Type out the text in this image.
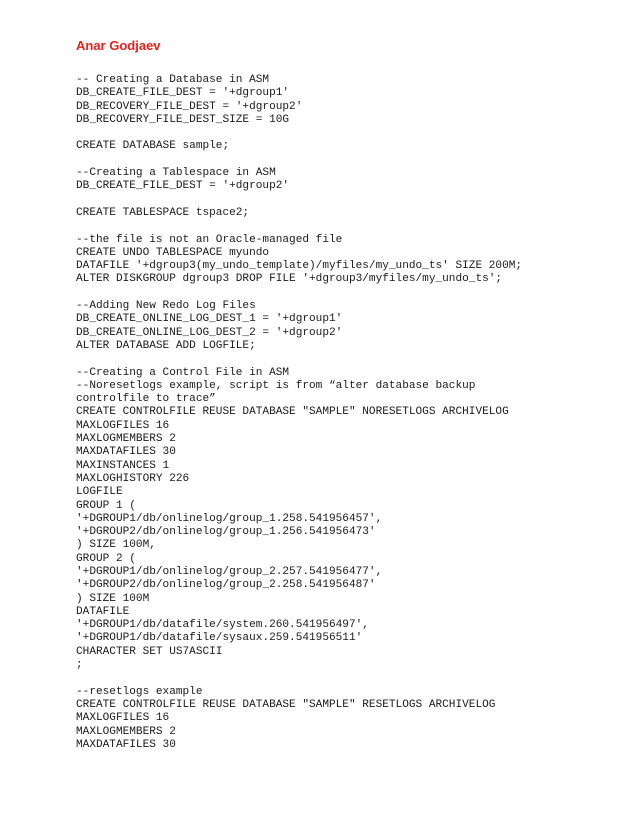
Anar Godjaev
-- Creating a Database in ASM
DB_CREATE_FILE_DEST = '+dgroup1'
DB_RECOVERY_FILE_DEST = '+dgroup2'
DB_RECOVERY_FILE_DEST_SIZE = 10G
CREATE DATABASE sample;
--Creating a Tablespace in ASM
DB_CREATE_FILE_DEST = '+dgroup2'
CREATE TABLESPACE tspace2;
--the file is not an Oracle-managed file
CREATE UNDO TABLESPACE myundo
DATAFILE '+dgroup3(my_undo_template)/myfiles/my_undo_ts' SIZE 200M;
ALTER DISKGROUP dgroup3 DROP FILE '+dgroup3/myfiles/my_undo_ts';
--Adding New Redo Log Files
DB_CREATE_ONLINE_LOG_DEST_1 = '+dgroup1'
DB_CREATE_ONLINE_LOG_DEST_2 = '+dgroup2'
ALTER DATABASE ADD LOGFILE;
--Creating a Control File in ASM
--Noresetlogs example, script is from “alter database backup
controlfile to trace”
CREATE CONTROLFILE REUSE DATABASE "SAMPLE" NORESETLOGS ARCHIVELOG
MAXLOGFILES 16
MAXLOGMEMBERS 2
MAXDATAFILES 30
MAXINSTANCES 1
MAXLOGHISTORY 226
LOGFILE
GROUP 1 (
'+DGROUP1/db/onlinelog/group_1.258.541956457',
'+DGROUP2/db/onlinelog/group_1.256.541956473'
) SIZE 100M,
GROUP 2 (
'+DGROUP1/db/onlinelog/group_2.257.541956477',
'+DGROUP2/db/onlinelog/group_2.258.541956487'
) SIZE 100M
DATAFILE
'+DGROUP1/db/datafile/system.260.541956497',
'+DGROUP1/db/datafile/sysaux.259.541956511'
CHARACTER SET US7ASCII
;
--resetlogs example
CREATE CONTROLFILE REUSE DATABASE "SAMPLE" RESETLOGS ARCHIVELOG
MAXLOGFILES 16
MAXLOGMEMBERS 2
MAXDATAFILES 30
